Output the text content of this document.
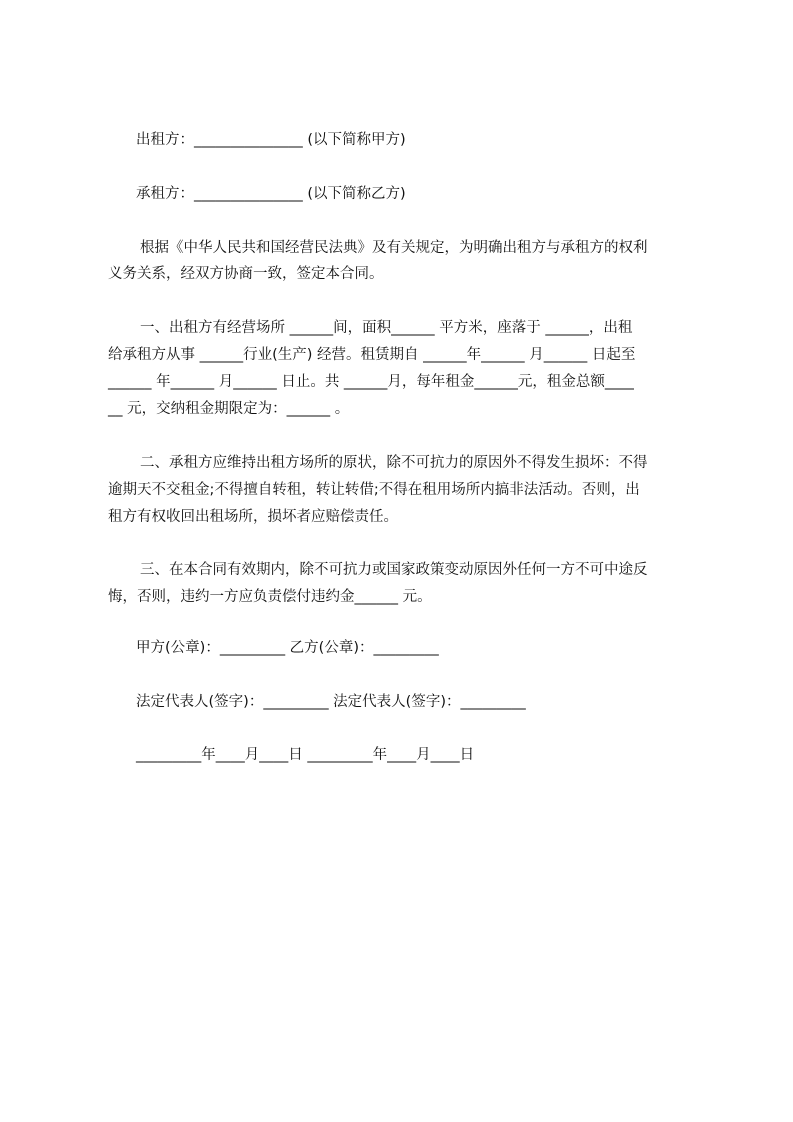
出租方：_______________ (以下简称甲方)

承租方：_______________ (以下简称乙方)

根据《中华人民共和国经营民法典》及有关规定，为明确出租方与承租方的权利

义务关系，经双方协商一致，签定本合同。

一、出租方有经营场所 ______间，面积______ 平方米，座落于 ______，出租

给承租方从事 ______行业(生产) 经营。租赁期自 ______年______ 月______ 日起至

______ 年______ 月______ 日止。共 ______月，每年租金______元，租金总额____

__ 元，交纳租金期限定为：______ 。

二、承租方应维持出租方场所的原状，除不可抗力的原因外不得发生损坏：不得

逾期天不交租金;不得擅自转租，转让转借;不得在租用场所内搞非法活动。否则，出

租方有权收回出租场所，损坏者应赔偿责任。

三、在本合同有效期内，除不可抗力或国家政策变动原因外任何一方不可中途反

悔，否则，违约一方应负责偿付违约金______ 元。

甲方(公章)：_________ 乙方(公章)：_________

法定代表人(签字)：_________ 法定代表人(签字)：_________

_________年____月____日 _________年____月____日
